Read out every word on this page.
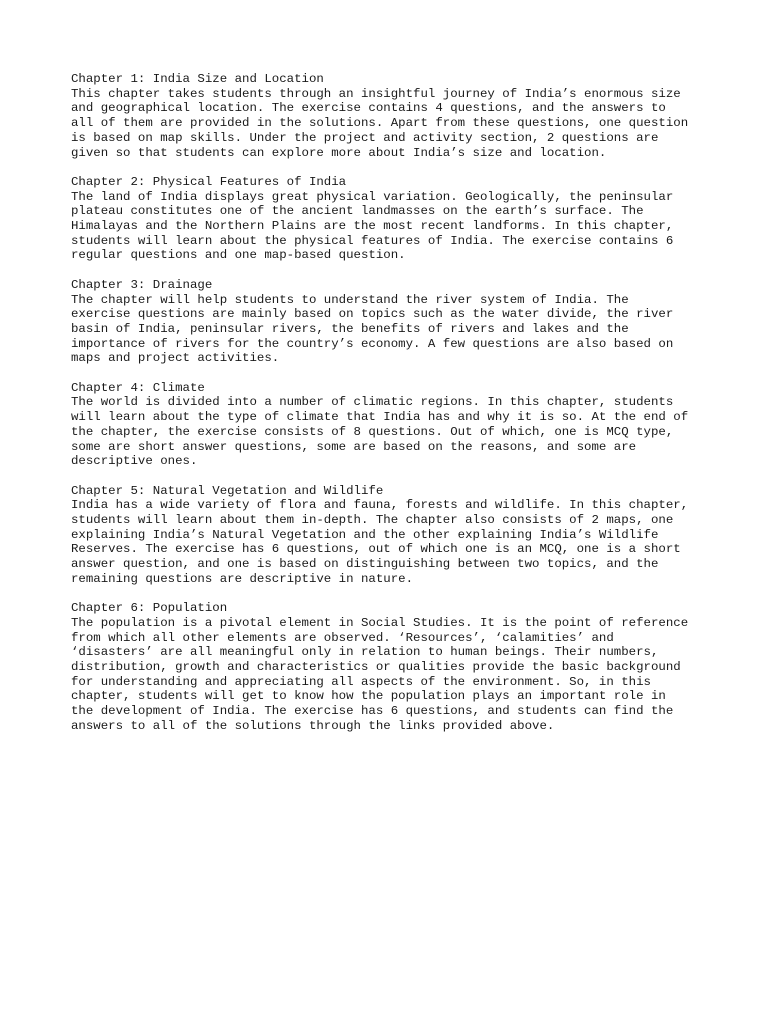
Chapter 1: India Size and Location
This chapter takes students through an insightful journey of India’s enormous size
and geographical location. The exercise contains 4 questions, and the answers to
all of them are provided in the solutions. Apart from these questions, one question
is based on map skills. Under the project and activity section, 2 questions are
given so that students can explore more about India’s size and location.
Chapter 2: Physical Features of India
The land of India displays great physical variation. Geologically, the peninsular
plateau constitutes one of the ancient landmasses on the earth’s surface. The
Himalayas and the Northern Plains are the most recent landforms. In this chapter,
students will learn about the physical features of India. The exercise contains 6
regular questions and one map-based question.
Chapter 3: Drainage
The chapter will help students to understand the river system of India. The
exercise questions are mainly based on topics such as the water divide, the river
basin of India, peninsular rivers, the benefits of rivers and lakes and the
importance of rivers for the country’s economy. A few questions are also based on
maps and project activities.
Chapter 4: Climate
The world is divided into a number of climatic regions. In this chapter, students
will learn about the type of climate that India has and why it is so. At the end of
the chapter, the exercise consists of 8 questions. Out of which, one is MCQ type,
some are short answer questions, some are based on the reasons, and some are
descriptive ones.
Chapter 5: Natural Vegetation and Wildlife
India has a wide variety of flora and fauna, forests and wildlife. In this chapter,
students will learn about them in-depth. The chapter also consists of 2 maps, one
explaining India’s Natural Vegetation and the other explaining India’s Wildlife
Reserves. The exercise has 6 questions, out of which one is an MCQ, one is a short
answer question, and one is based on distinguishing between two topics, and the
remaining questions are descriptive in nature.
Chapter 6: Population
The population is a pivotal element in Social Studies. It is the point of reference
from which all other elements are observed. ‘Resources’, ‘calamities’ and
‘disasters’ are all meaningful only in relation to human beings. Their numbers,
distribution, growth and characteristics or qualities provide the basic background
for understanding and appreciating all aspects of the environment. So, in this
chapter, students will get to know how the population plays an important role in
the development of India. The exercise has 6 questions, and students can find the
answers to all of the solutions through the links provided above.
